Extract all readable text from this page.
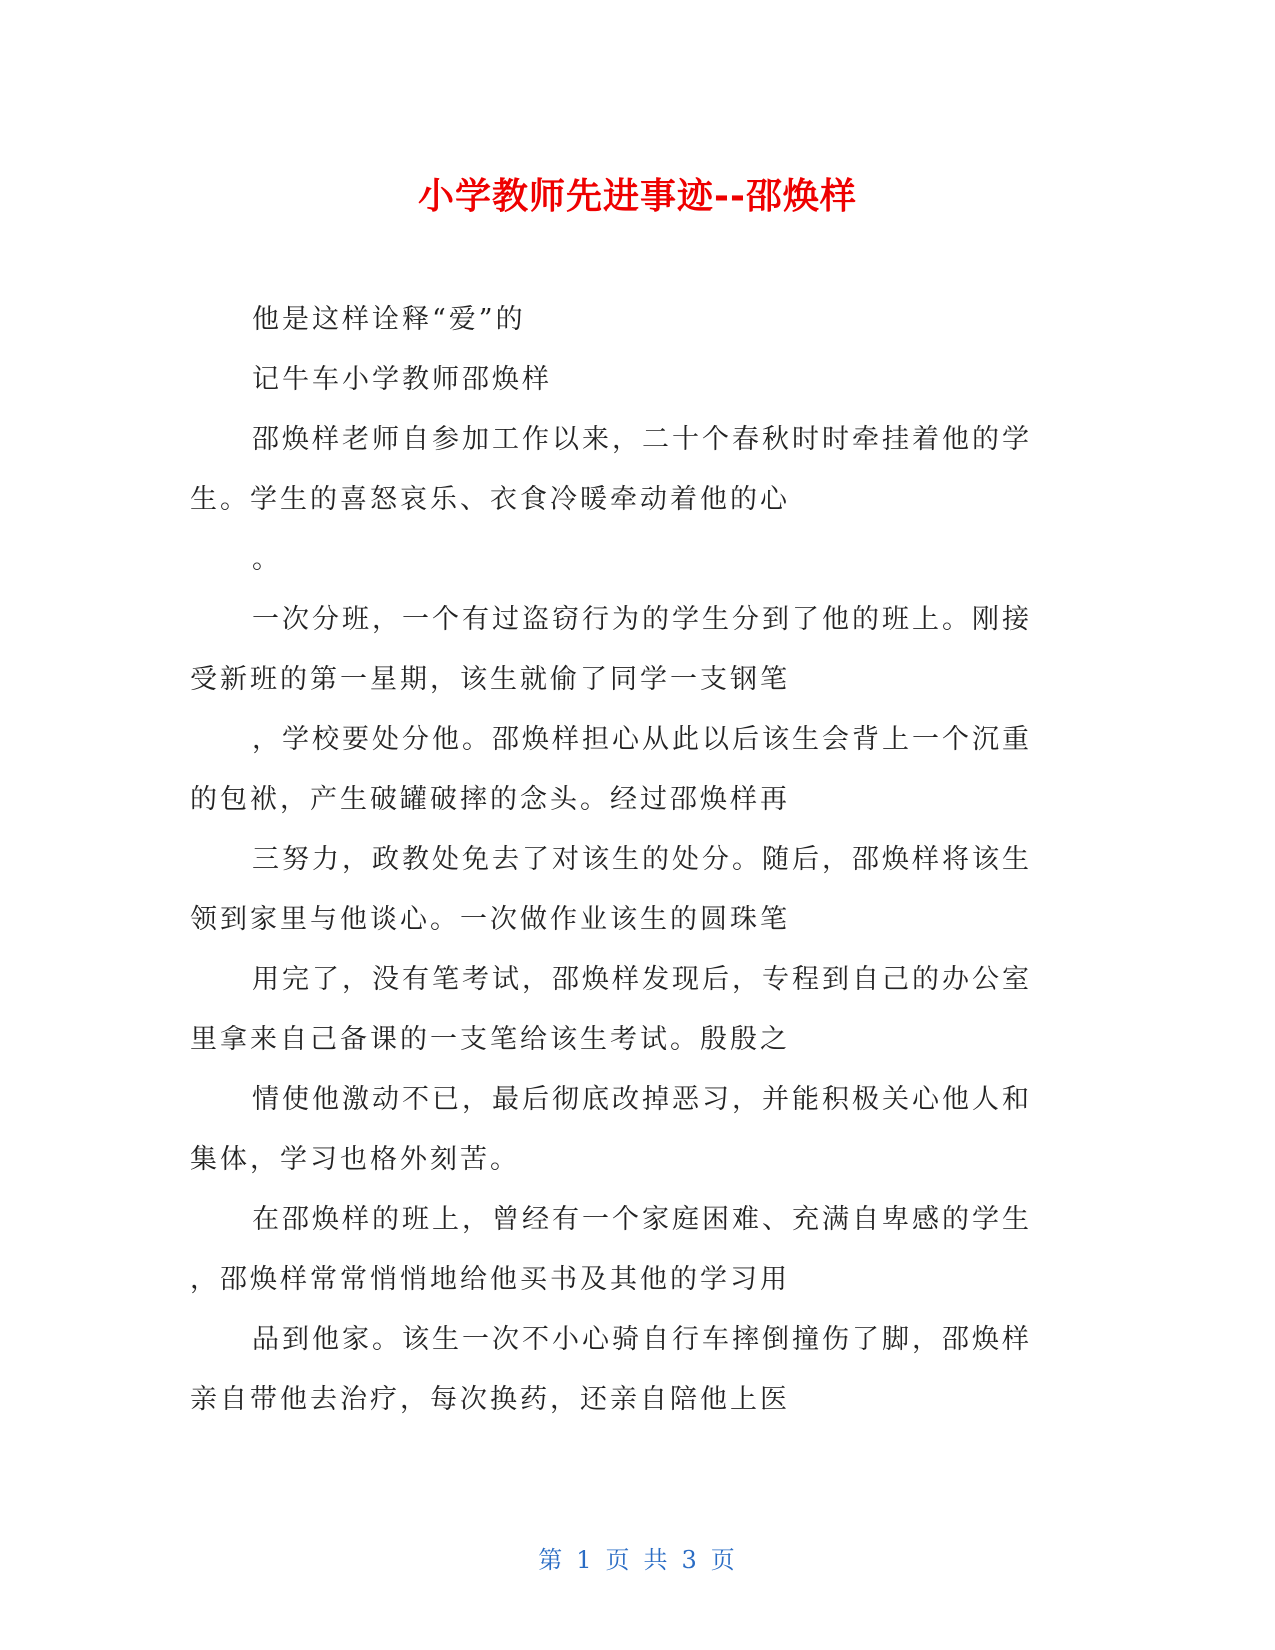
小学教师先进事迹--邵焕样
他是这样诠释“爱”的
记牛车小学教师邵焕样
邵焕样老师自参加工作以来，二十个春秋时时牵挂着他的学
生。学生的喜怒哀乐、衣食冷暖牵动着他的心
。
一次分班，一个有过盗窃行为的学生分到了他的班上。刚接
受新班的第一星期，该生就偷了同学一支钢笔
，学校要处分他。邵焕样担心从此以后该生会背上一个沉重
的包袱，产生破罐破摔的念头。经过邵焕样再
三努力，政教处免去了对该生的处分。随后，邵焕样将该生
领到家里与他谈心。一次做作业该生的圆珠笔
用完了，没有笔考试，邵焕样发现后，专程到自己的办公室
里拿来自己备课的一支笔给该生考试。殷殷之
情使他激动不已，最后彻底改掉恶习，并能积极关心他人和
集体，学习也格外刻苦。
在邵焕样的班上，曾经有一个家庭困难、充满自卑感的学生
，邵焕样常常悄悄地给他买书及其他的学习用
品到他家。该生一次不小心骑自行车摔倒撞伤了脚，邵焕样
亲自带他去治疗，每次换药，还亲自陪他上医
第 1 页 共 3 页
